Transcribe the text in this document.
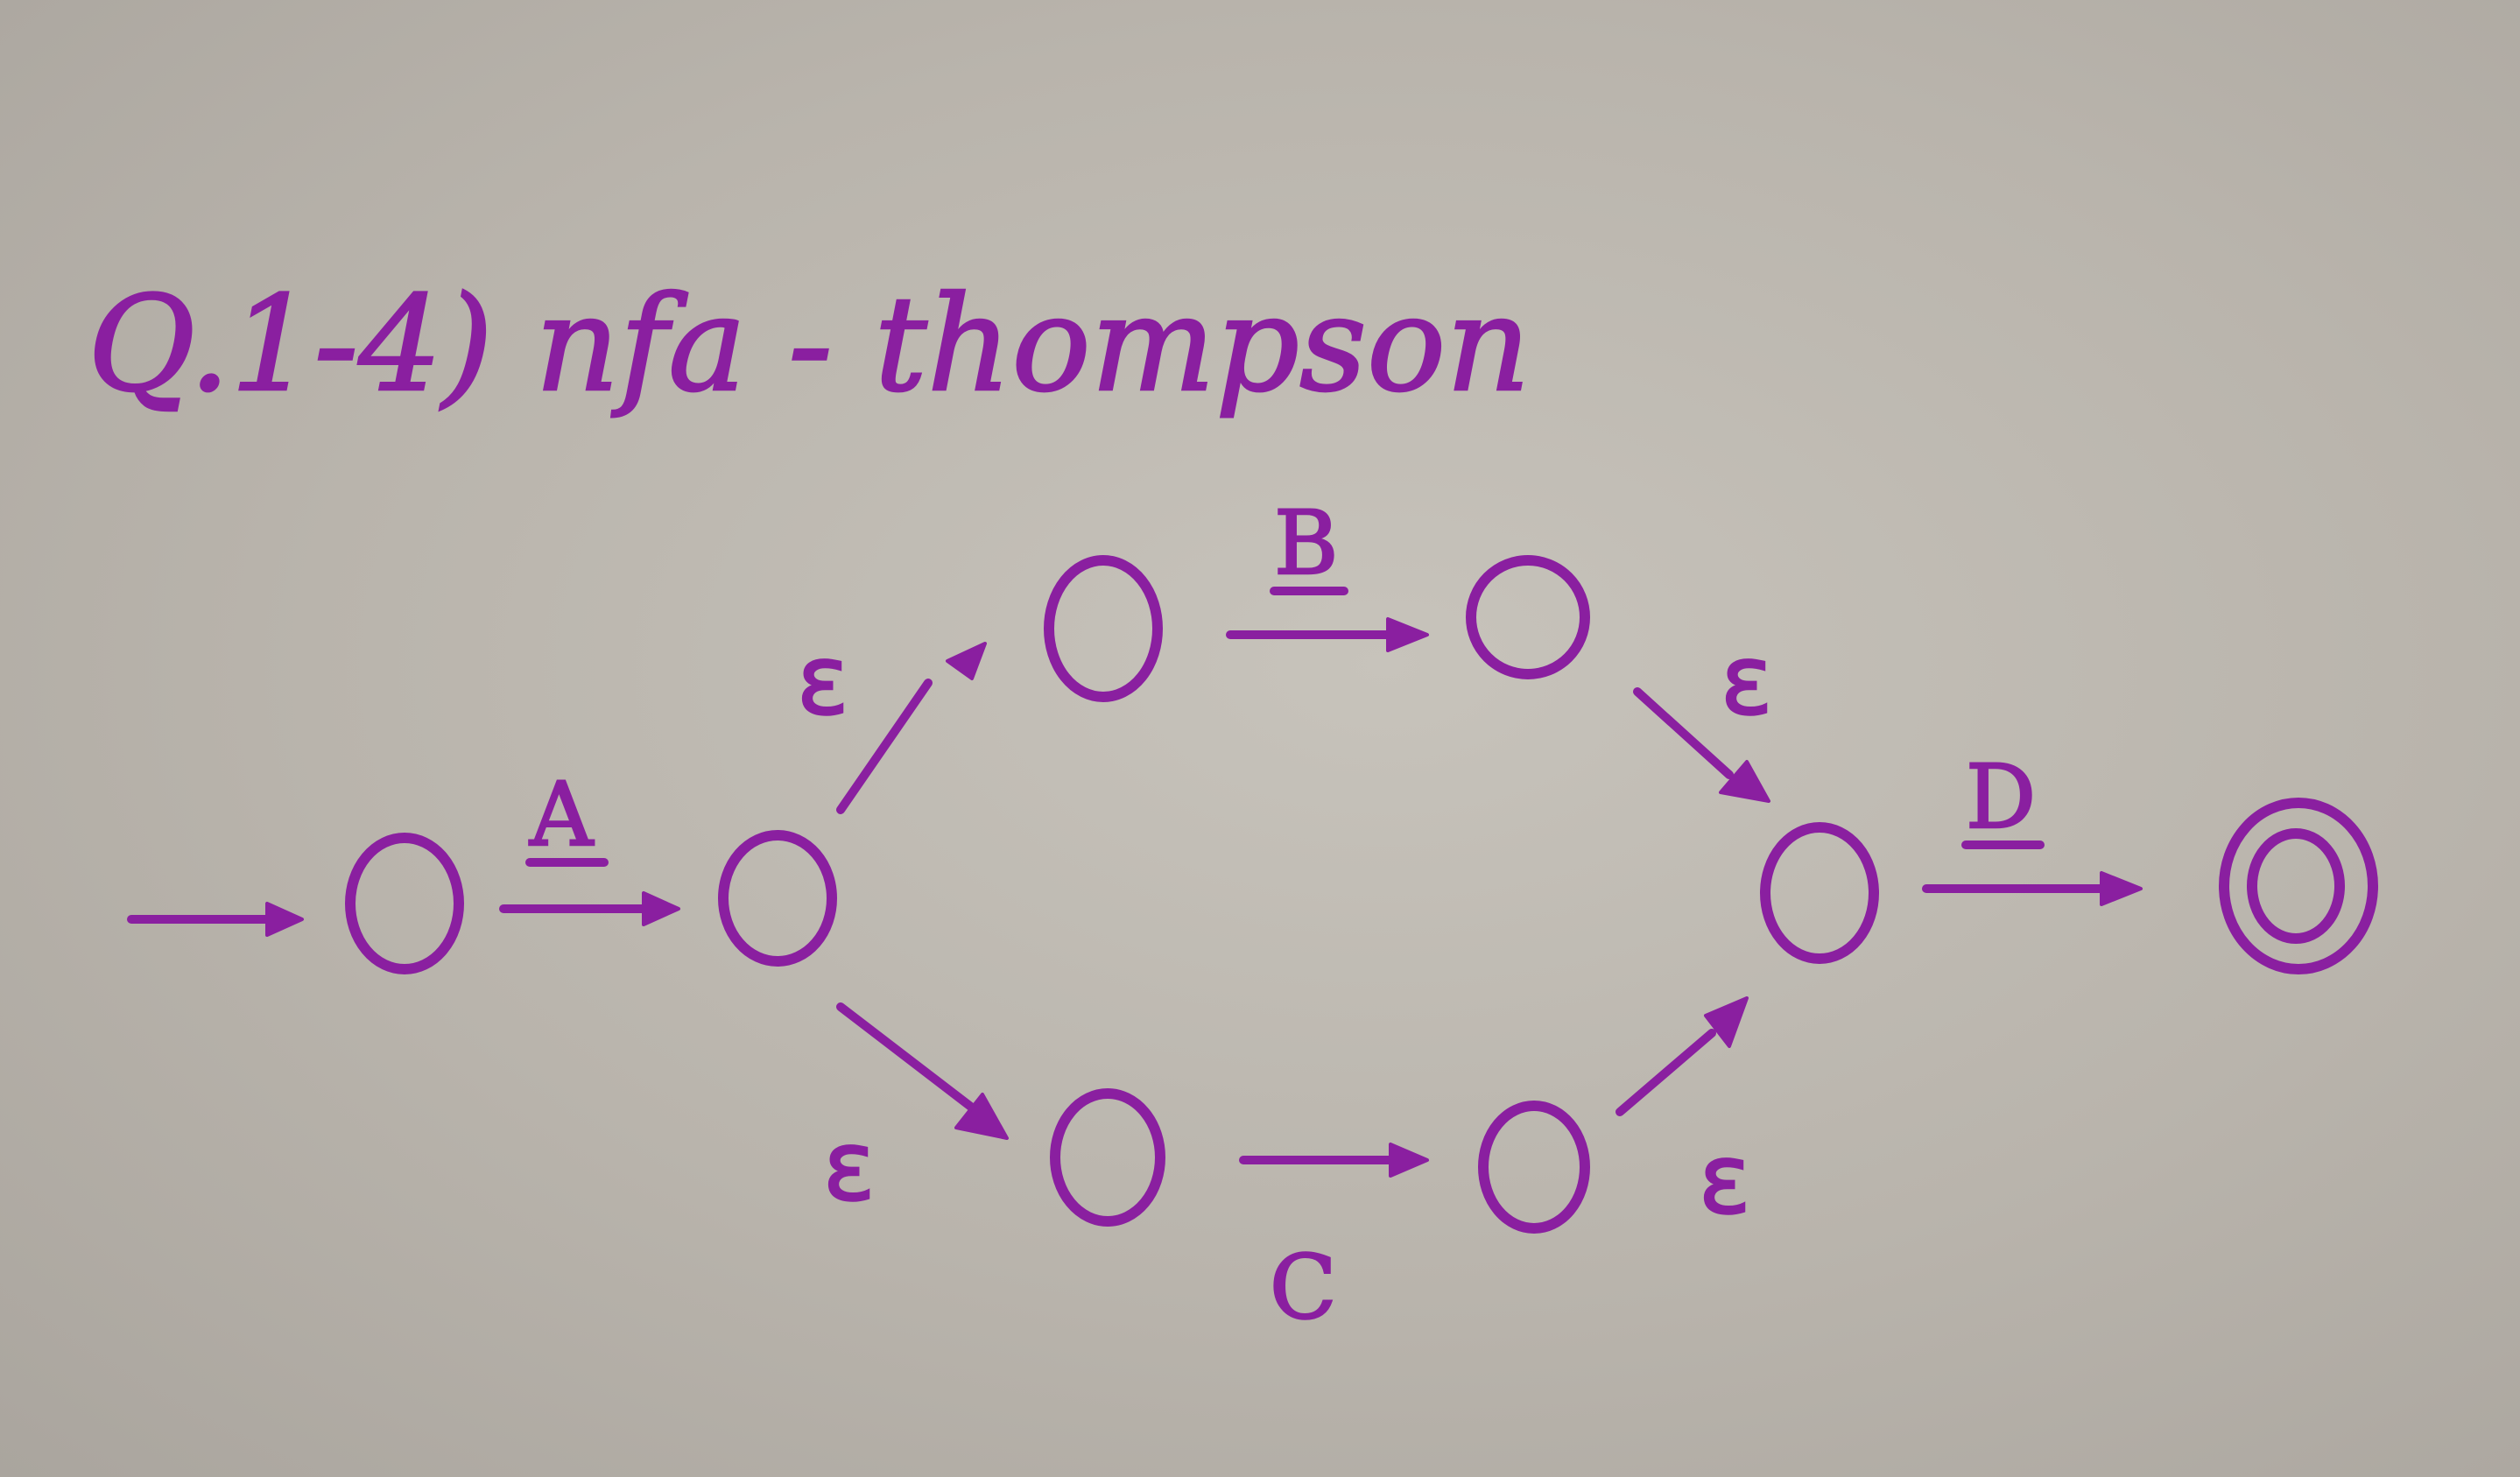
Q.1-4) nfa - thompson
A
ε
B
ε
ε
C
ε
D
